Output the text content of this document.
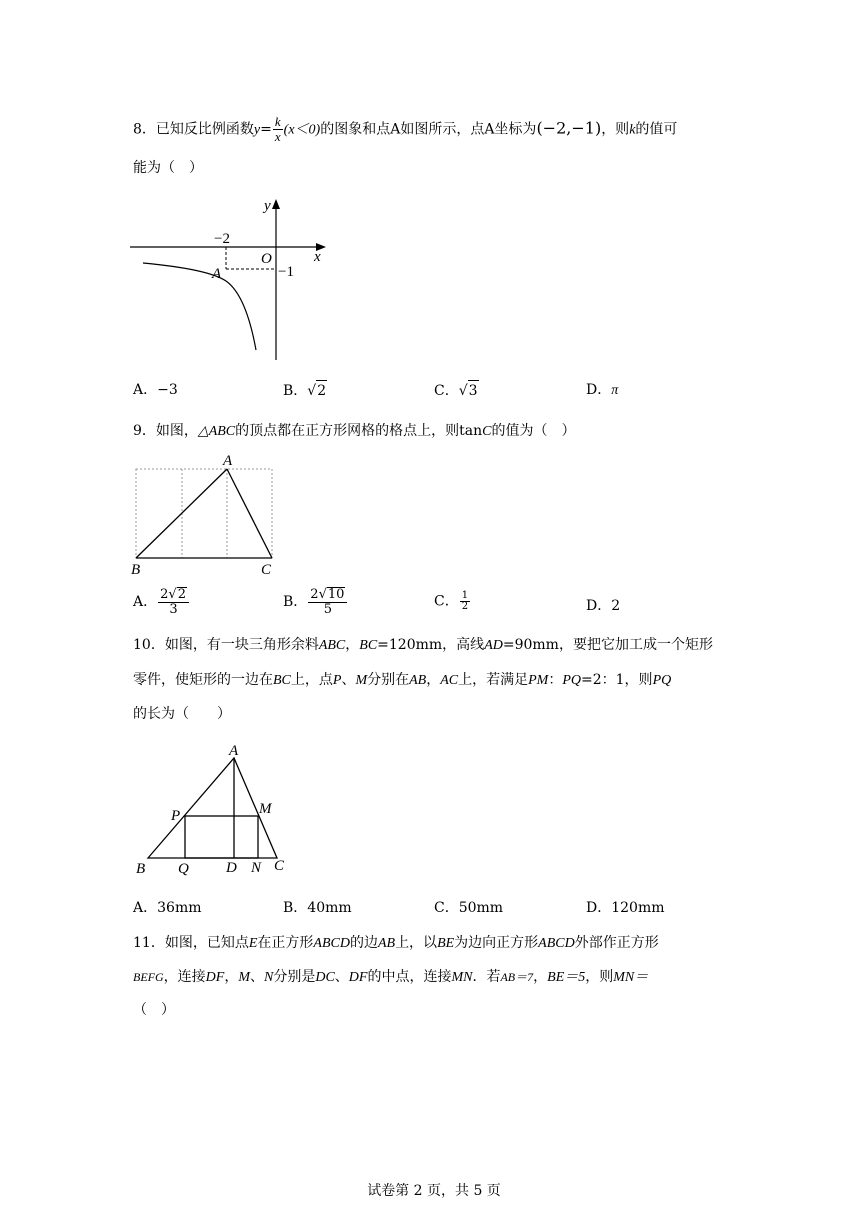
8．已知反比例函数$y= \frac{k}{x} (x<0)$的图象和点A如图所示，点A坐标为(−2,−1)，则k的值可
能为（　）
y
x
O
A
−2
−1
A．−3	B．√2	C．√3	D．π
9．如图，△ABC的顶点都在正方形网格的格点上，则tanC的值为（　）
A
B	C
A． $\frac{2√2}{3}$	B． $\frac{2√10}{5}$	C． $\frac{1}{2}$	D．2
10．如图，有一块三角形余料ABC，BC=120mm，高线AD=90mm，要把它加工成一个矩形
零件，使矩形的一边在BC上，点P、M分别在AB，AC上，若满足PM：PQ=2：1，则PQ
的长为（　　）
A
P	M
B Q D N C
A．36mm	B．40mm	C．50mm	D．120mm
11．如图，已知点E在正方形ABCD的边AB上，以BE为边向正方形ABCD外部作正方形
BEFG，连接DF，M、N分别是DC、DF的中点，连接MN．若AB＝7，BE＝5，则MN＝
（　）
试卷第 2 页，共 5 页
